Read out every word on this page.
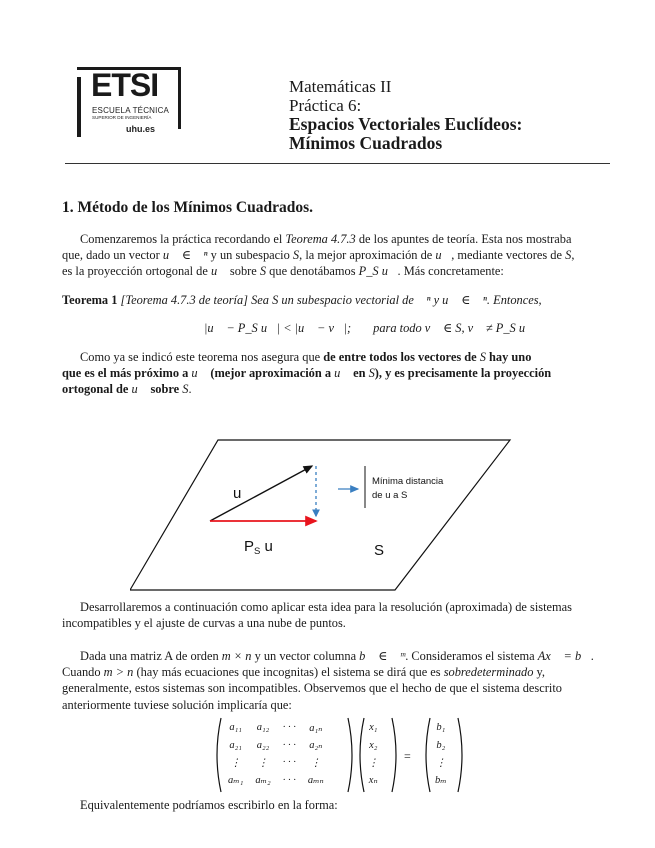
ETSI
ESCUELA TÉCNICA
SUPERIOR DE INGENIERÍA
uhu.es
Matemáticas II
Práctica 6:
Espacios Vectoriales Euclídeos:
Mínimos Cuadrados
1. Método de los Mínimos Cuadrados.
Comenzaremos la práctica recordando el Teorema 4.7.3 de los apuntes de teoría. Esta nos mostraba
que, dado un vector u⃗ ∈ ℝⁿ y un subespacio S, la mejor aproximación de u⃗, mediante vectores de S,
es la proyección ortogonal de u⃗ sobre S que denotábamos P_S u⃗. Más concretamente:
Teorema 1 [Teorema 4.7.3 de teoría] Sea S un subespacio vectorial de ℝⁿ y u⃗ ∈ ℝⁿ. Entonces,
|u⃗ − P_S u⃗| < |u⃗ − v⃗|; para todo v⃗ ∈ S, v⃗ ≠ P_S u⃗
Como ya se indicó este teorema nos asegura que de entre todos los vectores de S hay uno
que es el más próximo a u⃗ (mejor aproximación a u⃗ en S), y es precisamente la proyección
ortogonal de u⃗ sobre S.
Mínima distancia
de u a S
u
$P_S$ u	S
Desarrollaremos a continuación como aplicar esta idea para la resolución (aproximada) de sistemas
incompatibles y el ajuste de curvas a una nube de puntos.
Dada una matriz A de orden m × n y un vector columna b⃗ ∈ ℝᵐ. Consideramos el sistema Ax⃗ = b⃗.
Cuando m > n (hay más ecuaciones que incognitas) el sistema se dirá que es sobredeterminado y,
generalmente, estos sistemas son incompatibles. Observemos que el hecho de que el sistema descrito
anteriormente tuviese solución implicaría que:
a₁₁	a₁₂	· · ·	a₁ₙ
a₂₁	a₂₂	· · ·	a₂ₙ
⋮	⋮	· · ·	⋮
aₘ₁	aₘ₂	· · ·	aₘₙ
x₁
x₂
⋮
xₙ
=
b₁
b₂
⋮
bₘ
Equivalentemente podríamos escribirlo en la forma:
